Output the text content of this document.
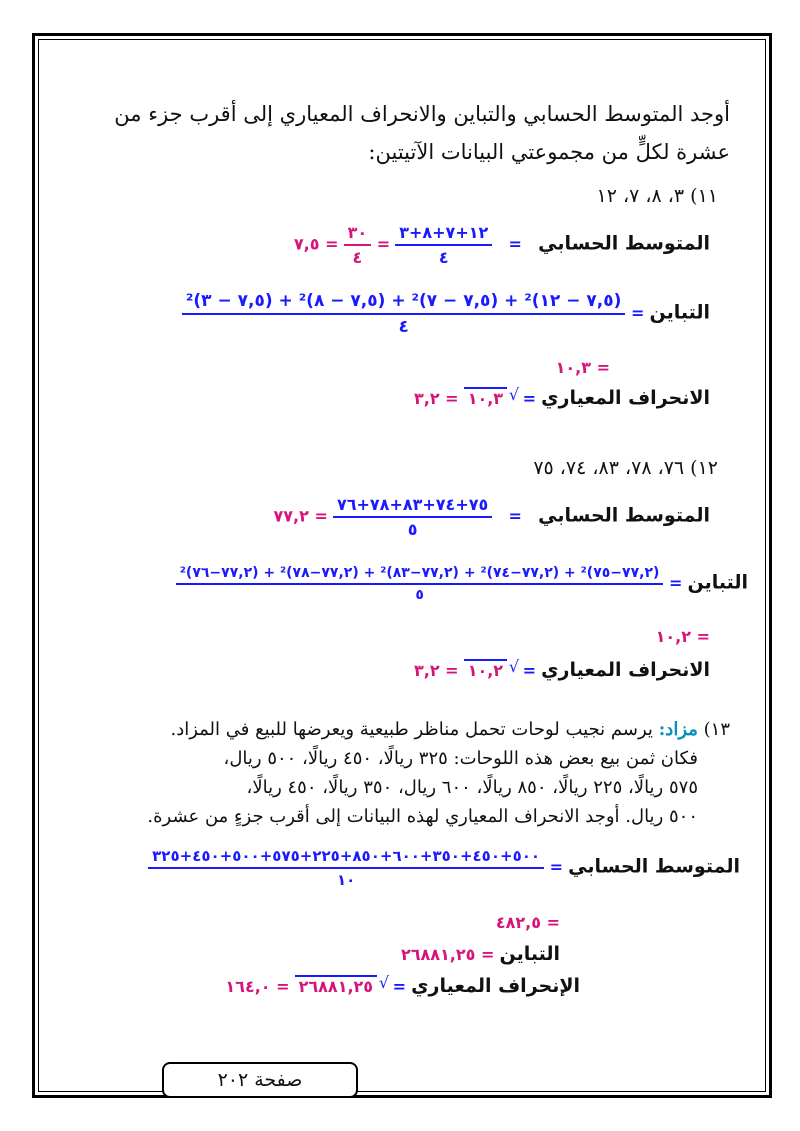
أوجد المتوسط الحسابي والتباين والانحراف المعياري إلى أقرب جزء من
عشرة لكلٍّ من مجموعتي البيانات الآتيتين:
١١) ٣، ٨، ٧، ١٢
المتوسط الحسابي   =
$\frac{١٢+٧+٨+٣}{٤}$
=
$\frac{٣٠}{٤}$
= ٧,٥
التباين =
$\frac{\text{(٧,٥ − ١٢)² + (٧,٥ − ٧)² + (٧,٥ − ٨)² + (٧,٥ − ٣)²}}{٤}$
= ١٠,٣
الانحراف المعياري = ١٠,٣ √ = ٣,٢
١٢) ٧٦، ٧٨، ٨٣، ٧٤، ٧٥
المتوسط الحسابي   =
$\frac{٧٥+٧٤+٨٣+٧٨+٧٦}{٥}$
= ٧٧,٢
التباين =
(٧٧,٢−٧٥)² + (٧٧,٢−٧٤)² + (٧٧,٢−٨٣)² + (٧٧,٢−٧٨)² + (٧٧,٢−٧٦)²
٥
= ١٠,٢
الانحراف المعياري = ١٠,٢ √ = ٣,٢
١٣) مزاد: يرسم نجيب لوحات تحمل مناظر طبيعية ويعرضها للبيع في المزاد.
فكان ثمن بيع بعض هذه اللوحات: ٣٢٥ ريالًا، ٤٥٠ ريالًا، ٥٠٠ ريال،
٥٧٥ ريالًا، ٢٢٥ ريالًا، ٨٥٠ ريالًا، ٦٠٠ ريال، ٣٥٠ ريالًا، ٤٥٠ ريالًا،
٥٠٠ ريال. أوجد الانحراف المعياري لهذه البيانات إلى أقرب جزءٍ من عشرة.
المتوسط الحسابي =
$\frac{٥٠٠+٤٥٠+٣٥٠+٦٠٠+٨٥٠+٢٢٥+٥٧٥+٥٠٠+٤٥٠+٣٢٥}{١٠}$
= ٤٨٢,٥
التباين = ٢٦٨٨١,٢٥
الإنحراف المعياري = ٢٦٨٨١,٢٥ √ = ١٦٤,٠
صفحة ٢٠٢
